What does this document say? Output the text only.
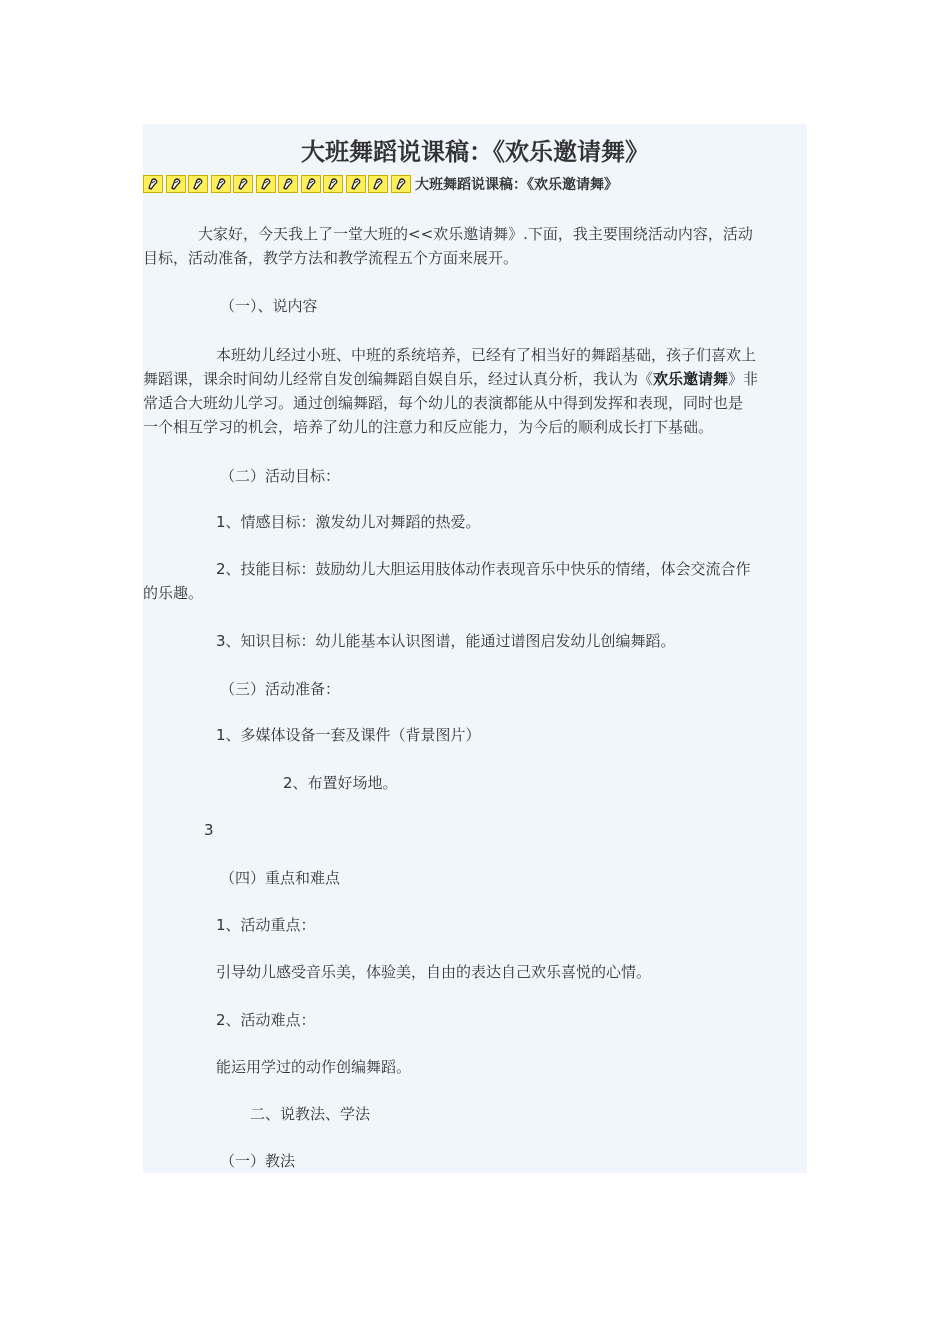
大班舞蹈说课稿：《欢乐邀请舞》
大班舞蹈说课稿：《欢乐邀请舞》
大家好，今天我上了一堂大班的<<欢乐邀请舞》.下面，我主要围绕活动内容，活动
目标，活动准备，教学方法和教学流程五个方面来展开。
（一）、说内容
本班幼儿经过小班、中班的系统培养，已经有了相当好的舞蹈基础，孩子们喜欢上
舞蹈课，课余时间幼儿经常自发创编舞蹈自娱自乐，经过认真分析，我认为《欢乐邀请舞》非
常适合大班幼儿学习。通过创编舞蹈，每个幼儿的表演都能从中得到发挥和表现，同时也是
一个相互学习的机会，培养了幼儿的注意力和反应能力，为今后的顺利成长打下基础。
（二）活动目标：
1、情感目标：激发幼儿对舞蹈的热爱。
2、技能目标：鼓励幼儿大胆运用肢体动作表现音乐中快乐的情绪，体会交流合作
的乐趣。
3、知识目标：幼儿能基本认识图谱，能通过谱图启发幼儿创编舞蹈。
（三）活动准备：
1、多媒体设备一套及课件（背景图片）
2、布置好场地。
3
（四）重点和难点
1、活动重点：
引导幼儿感受音乐美，体验美，自由的表达自己欢乐喜悦的心情。
2、活动难点：
能运用学过的动作创编舞蹈。
二、说教法、学法
（一）教法
